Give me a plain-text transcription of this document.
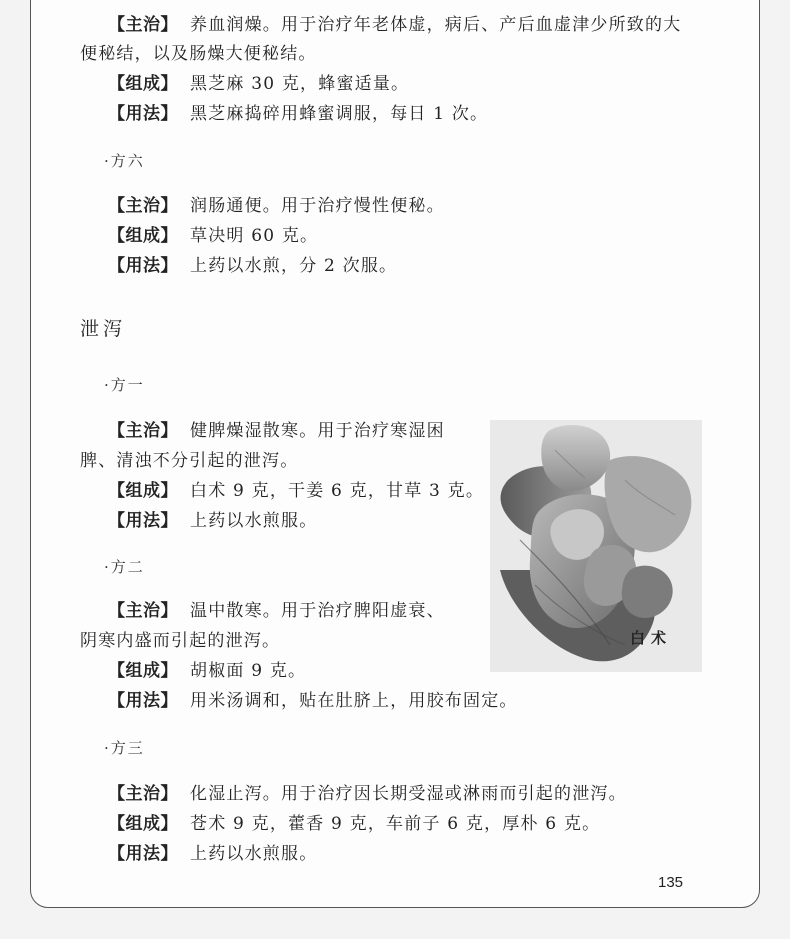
【主治】 养血润燥。用于治疗年老体虚，病后、产后血虚津少所致的大
便秘结，以及肠燥大便秘结。
【组成】 黑芝麻 30 克，蜂蜜适量。
【用法】 黑芝麻捣碎用蜂蜜调服，每日 1 次。
·方六
【主治】 润肠通便。用于治疗慢性便秘。
【组成】 草决明 60 克。
【用法】 上药以水煎，分 2 次服。
泄泻
·方一
【主治】 健脾燥湿散寒。用于治疗寒湿困
脾、清浊不分引起的泄泻。
【组成】 白术 9 克，干姜 6 克，甘草 3 克。
【用法】 上药以水煎服。
·方二
【主治】 温中散寒。用于治疗脾阳虚衰、
阴寒内盛而引起的泄泻。
【组成】 胡椒面 9 克。
【用法】 用米汤调和，贴在肚脐上，用胶布固定。
·方三
【主治】 化湿止泻。用于治疗因长期受湿或淋雨而引起的泄泻。
【组成】 苍术 9 克，藿香 9 克，车前子 6 克，厚朴 6 克。
【用法】 上药以水煎服。
白术
135
